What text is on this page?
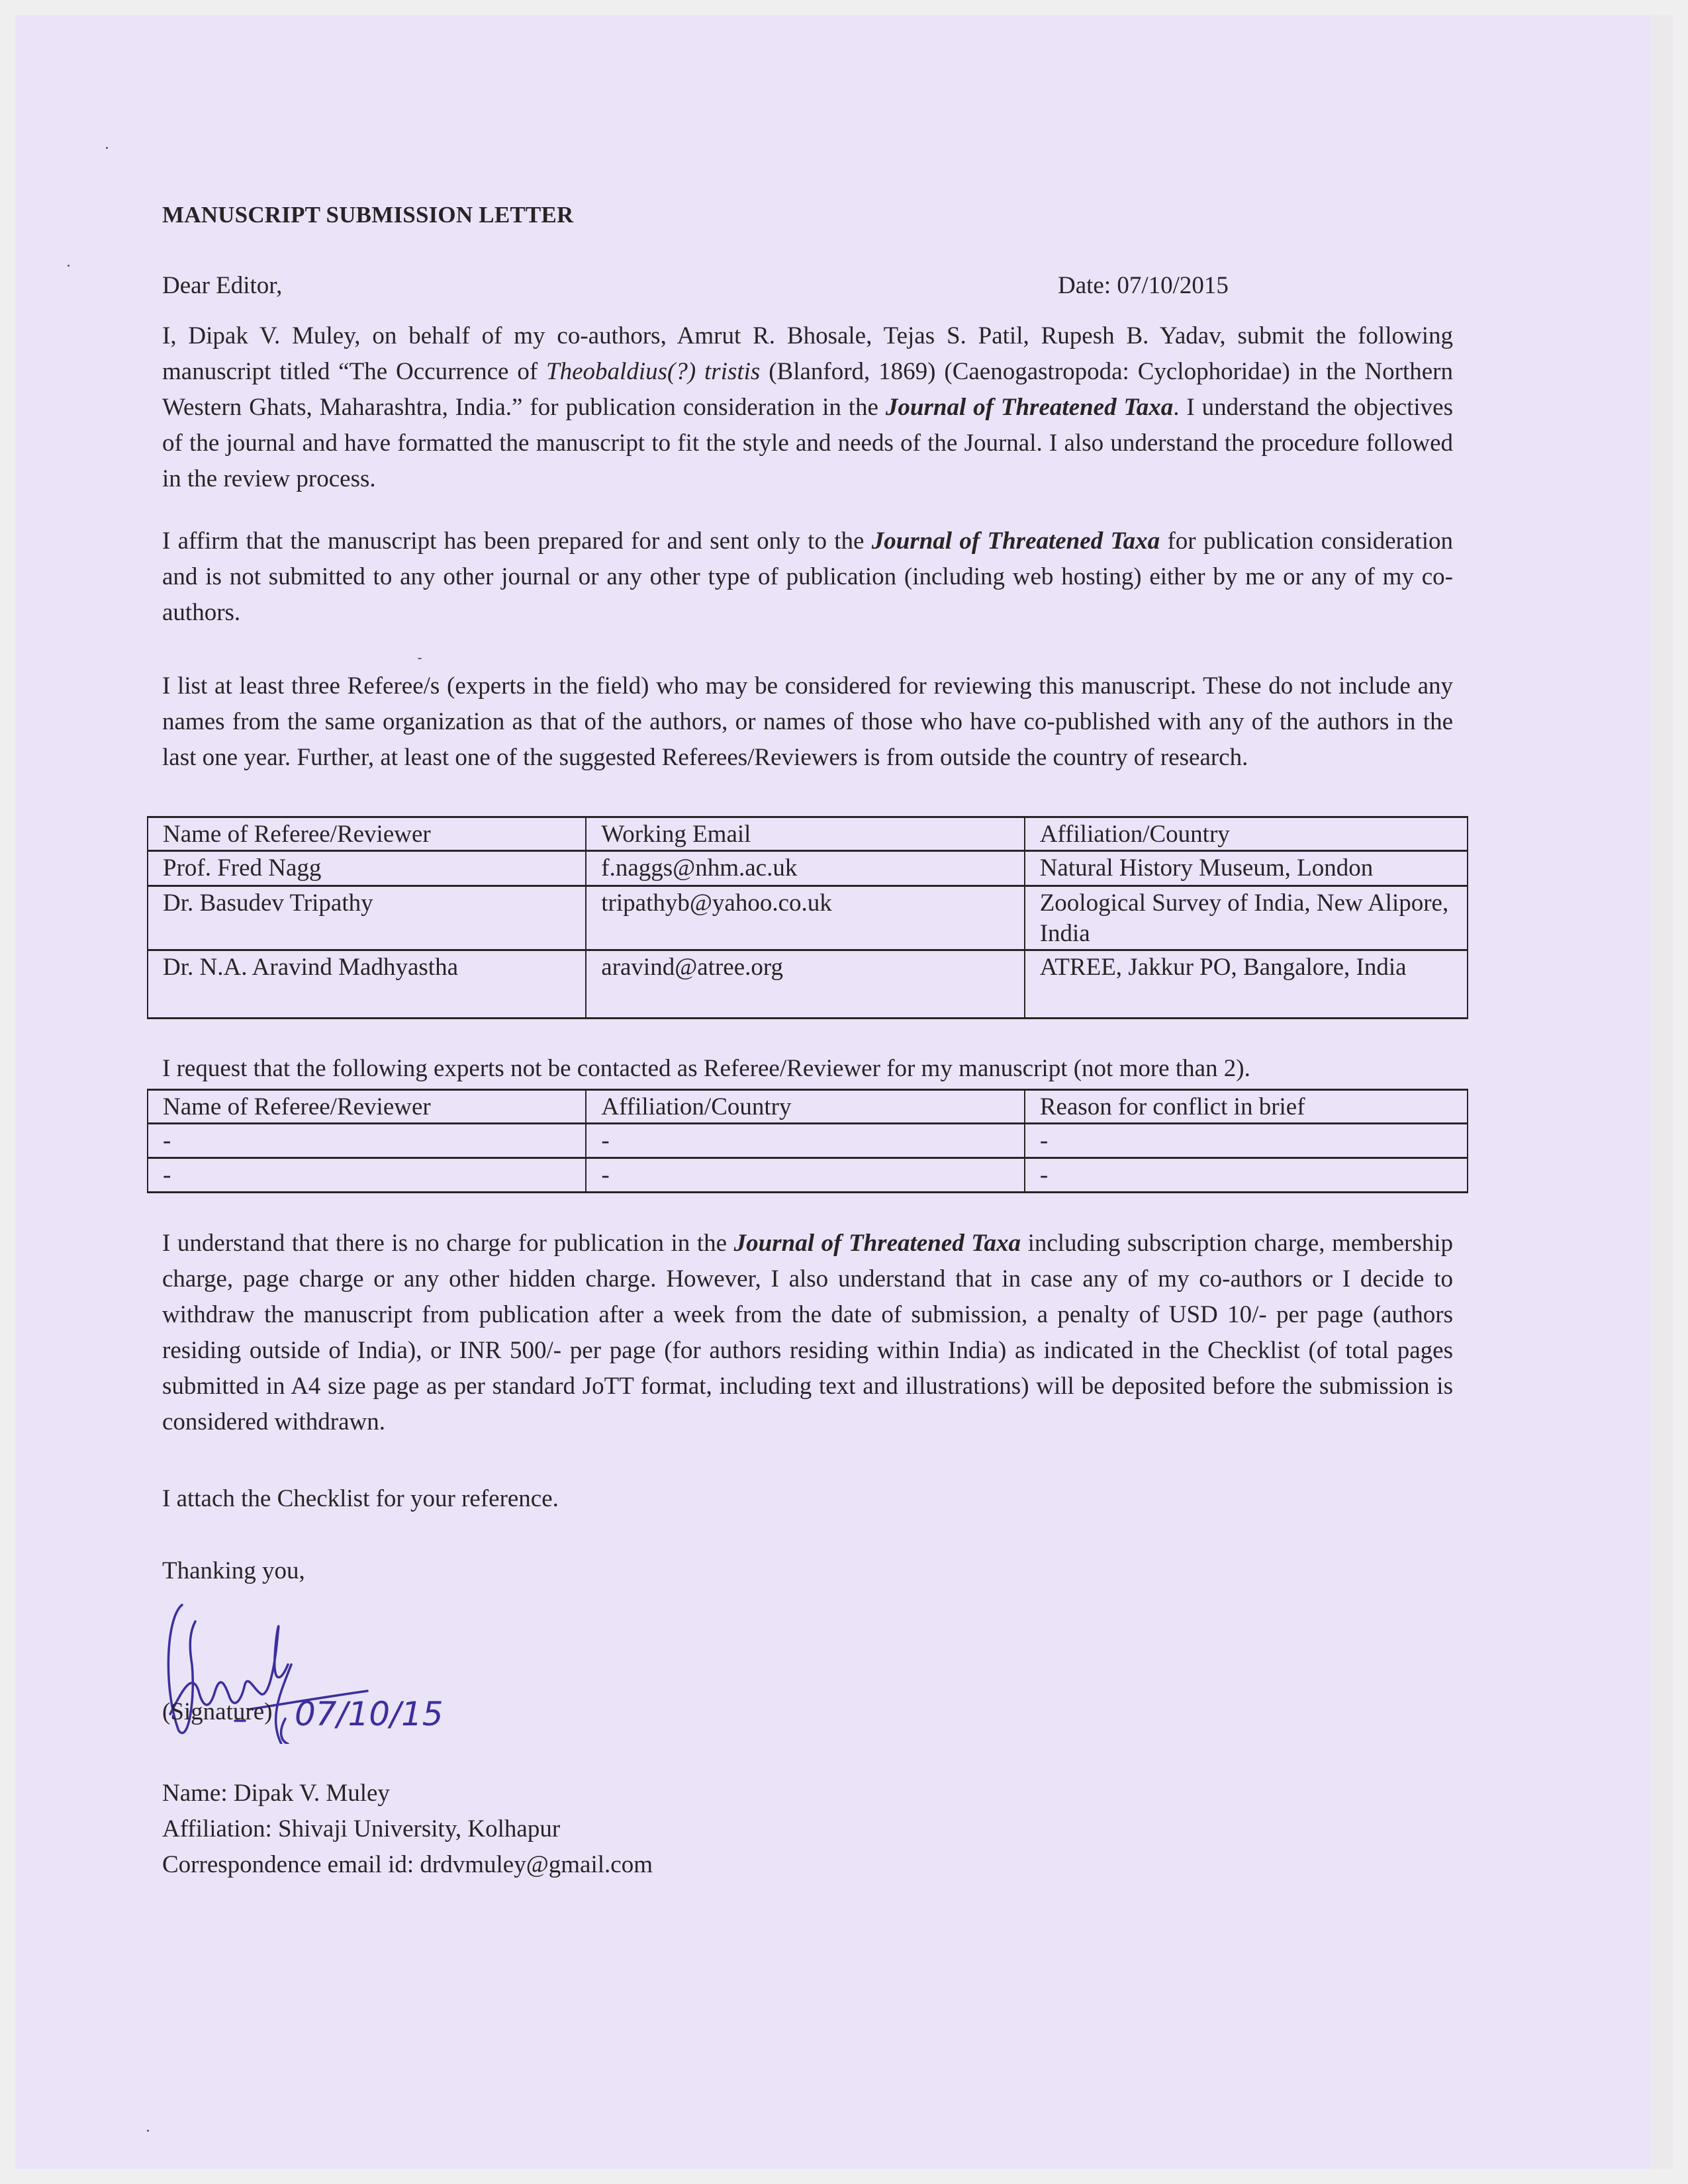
MANUSCRIPT SUBMISSION LETTER
Dear Editor,	Date: 07/10/2015

I, Dipak V. Muley, on behalf of my co-authors, Amrut R. Bhosale, Tejas S. Patil, Rupesh B. Yadav, submit the following manuscript titled “The Occurrence of Theobaldius(?) tristis (Blanford, 1869) (Caenogastropoda: Cyclophoridae) in the Northern Western Ghats, Maharashtra, India.” for publication consideration in the Journal of Threatened Taxa. I understand the objectives of the journal and have formatted the manuscript to fit the style and needs of the Journal. I also understand the procedure followed in the review process.

I affirm that the manuscript has been prepared for and sent only to the Journal of Threatened Taxa for publication consideration and is not submitted to any other journal or any other type of publication (including web hosting) either by me or any of my co-authors.

I list at least three Referee/s (experts in the field) who may be considered for reviewing this manuscript. These do not include any names from the same organization as that of the authors, or names of those who have co-published with any of the authors in the last one year. Further, at least one of the suggested Referees/Reviewers is from outside the country of research.

Name of Referee/Reviewer	Working Email	Affiliation/Country
Prof. Fred Nagg	f.naggs@nhm.ac.uk	Natural History Museum, London
Dr. Basudev Tripathy	tripathyb@yahoo.co.uk	Zoological Survey of India, New Alipore, India
Dr. N.A. Aravind Madhyastha	aravind@atree.org	ATREE, Jakkur PO, Bangalore, India
I request that the following experts not be contacted as Referee/Reviewer for my manuscript (not more than 2).
Name of Referee/Reviewer	Affiliation/Country	Reason for conflict in brief
-	-	-
-	-	-

I understand that there is no charge for publication in the Journal of Threatened Taxa including subscription charge, membership charge, page charge or any other hidden charge. However, I also understand that in case any of my co-authors or I decide to withdraw the manuscript from publication after a week from the date of submission, a penalty of USD 10/- per page (authors residing outside of India), or INR 500/- per page (for authors residing within India) as indicated in the Checklist (of total pages submitted in A4 size page as per standard JoTT format, including text and illustrations) will be deposited before the submission is considered withdrawn.

I attach the Checklist for your reference.
Thanking you,
07/10/15
(Signature)
Name: Dipak V. Muley
Affiliation: Shivaji University, Kolhapur
Correspondence email id: drdvmuley@gmail.com
